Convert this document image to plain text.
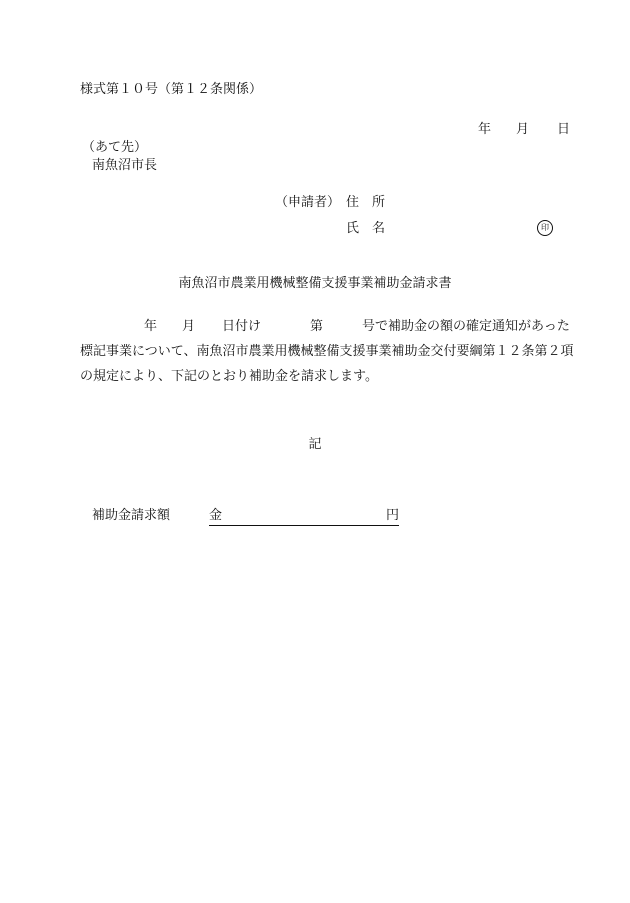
様式第１０号（第１２条関係）
年 月 日
（あて先）
南魚沼市長
（申請者） 住　所
氏　名	印
南魚沼市農業用機械整備支援事業補助金請求書
年 月 日付け	第	号で補助金の額の確定通知があった
標記事業について、南魚沼市農業用機械整備支援事業補助金交付要綱第１２条第２項
の規定により、下記のとおり補助金を請求します。
記
補助金請求額	金	円
